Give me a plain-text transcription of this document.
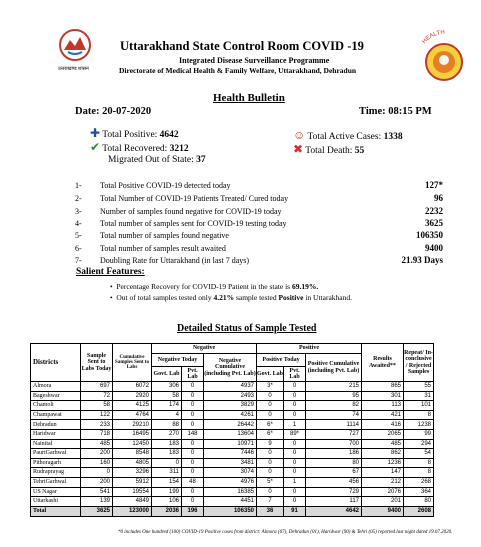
उत्तराखण्ड शासन
Uttarakhand State Control Room COVID -19
Integrated Disease Surveillance Programme
Directorate of Medical Health & Family Welfare, Uttarakhand, Dehradun
HEALTH
Health Bulletin
Date: 20-07-2020	Time: 08:15 PM
✚ Total Positive: 4642
✔ Total Recovered: 3212
Migrated Out of State: 37
☺ Total Active Cases: 1338
✖ Total Death: 55
1- Total Positive COVID-19 detected today	127*
2- Total Number of COVID-19 Patients Treated/ Cured today	96
3- Number of samples found negative for COVID-19 today	2232
4- Total number of samples sent for COVID-19 testing today	3625
5- Total number of samples found negative	106350
6- Total number of samples result awaited	9400
7- Doubling Rate for Uttarakhand (in last 7 days)	21.93 Days
Salient Features:
•  Percentage Recovery for COVID-19 Patient in the state is 69.19%.
•  Out of total samples tested only 4.21% sample tested Positive in Uttarakhand.
Detailed Status of Sample Tested
Districts	Sample Sent to Labs Today	Cumulative Samples Sent to Labs	Negative			Positive			Results Awaited**	Repeat/ In-conclusive / Rejected Samples
			Negative Today		Negative Cumulative (including Pvt. Lab)	Positive Today		Positive Cumulative (including Pvt. Lab)		
			Govt. Lab	Pvt. Lab		Govt. Lab	Pvt. Lab			
Almora	697	6072	306	0	4937	3*	0	215	865	55
Bageshwar	72	2920	58	0	2493	0	0	95	301	31
Chamoli	58	4125	174	0	3829	0	0	82	113	101
Champawat	122	4764	4	0	4261	0	0	74	421	8
Dehradun	233	29210	88	0	26442	6*	1	1114	416	1238
Haridwar	718	16495	270	148	13604	6*	89*	727	2065	99
Nainital	485	12450	183	0	10971	9	0	700	485	294
PauriGarhwal	200	8548	183	0	7446	0	0	186	862	54
Pithoragarh	160	4805	0	0	3481	0	0	80	1236	8
Rudraprayag	0	3296	311	0	3074	0	0	67	147	8
TehriGarhwal	200	5912	154	48	4976	5*	1	456	212	268
US Nagar	541	19554	199	0	16385	0	0	729	2076	364
Uttarkashi	139	4849	106	0	4451	7	0	117	201	80
Total	3625	123000	2036	196	106350	36	91	4642	9400	2608
*0 includes One hundred (100) COVID-19 Positive cases from district: Almora (07), Dehradun (01), Haridwar (90) & Tehri (05) reported last night dated 19.07.2020.
